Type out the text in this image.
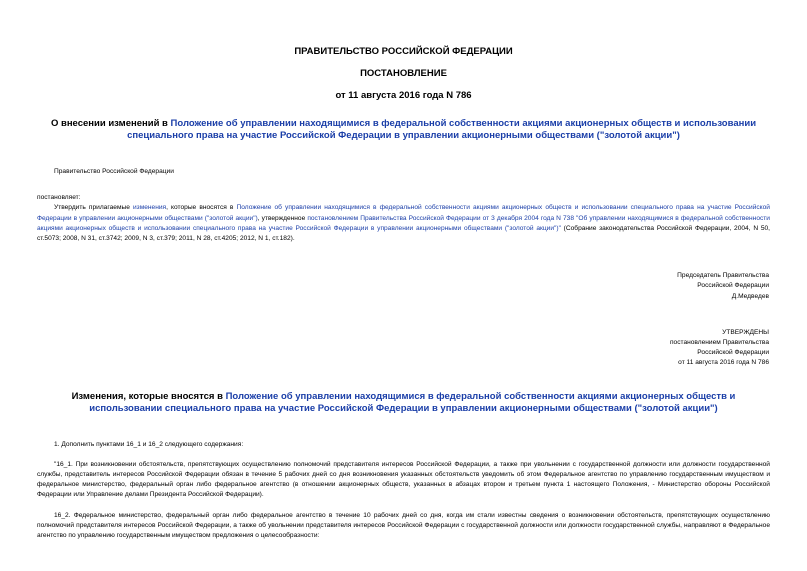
ПРАВИТЕЛЬСТВО РОССИЙСКОЙ ФЕДЕРАЦИИ
ПОСТАНОВЛЕНИЕ
от 11 августа 2016 года N 786
О внесении изменений в Положение об управлении находящимися в федеральной собственности акциями акционерных обществ и использовании специального права на участие Российской Федерации в управлении акционерными обществами ("золотой акции")
Правительство Российской Федерации
постановляет:
Утвердить прилагаемые изменения, которые вносятся в Положение об управлении находящимися в федеральной собственности акциями акционерных обществ и использовании специального права на участие Российской Федерации в управлении акционерными обществами ("золотой акции"), утвержденное постановлением Правительства Российской Федерации от 3 декабря 2004 года N 738 "Об управлении находящимися в федеральной собственности акциями акционерных обществ и использовании специального права на участие Российской Федерации в управлении акционерными обществами ("золотой акции")" (Собрание законодательства Российской Федерации, 2004, N 50, ст.5073; 2008, N 31, ст.3742; 2009, N 3, ст.379; 2011, N 28, ст.4205; 2012, N 1, ст.182).
Председатель Правительства
Российской Федерации
Д.Медведев
УТВЕРЖДЕНЫ
постановлением Правительства
Российской Федерации
от 11 августа 2016 года N 786
Изменения, которые вносятся в Положение об управлении находящимися в федеральной собственности акциями акционерных обществ и использовании специального права на участие Российской Федерации в управлении акционерными обществами ("золотой акции")
1. Дополнить пунктами 16_1 и 16_2 следующего содержания:
"16_1. При возникновении обстоятельств, препятствующих осуществлению полномочий представителя интересов Российской Федерации, а также при увольнении с государственной должности или должности государственной службы, представитель интересов Российской Федерации обязан в течение 5 рабочих дней со дня возникновения указанных обстоятельств уведомить об этом Федеральное агентство по управлению государственным имуществом и федеральное министерство, федеральный орган либо федеральное агентство (в отношении акционерных обществ, указанных в абзацах втором и третьем пункта 1 настоящего Положения, - Министерство обороны Российской Федерации или Управление делами Президента Российской Федерации).
16_2. Федеральное министерство, федеральный орган либо федеральное агентство в течение 10 рабочих дней со дня, когда им стали известны сведения о возникновении обстоятельств, препятствующих осуществлению полномочий представителя интересов Российской Федерации, а также об увольнении представителя интересов Российской Федерации с государственной должности или должности государственной службы, направляют в Федеральное агентство по управлению государственным имуществом предложения о целесообразности:
